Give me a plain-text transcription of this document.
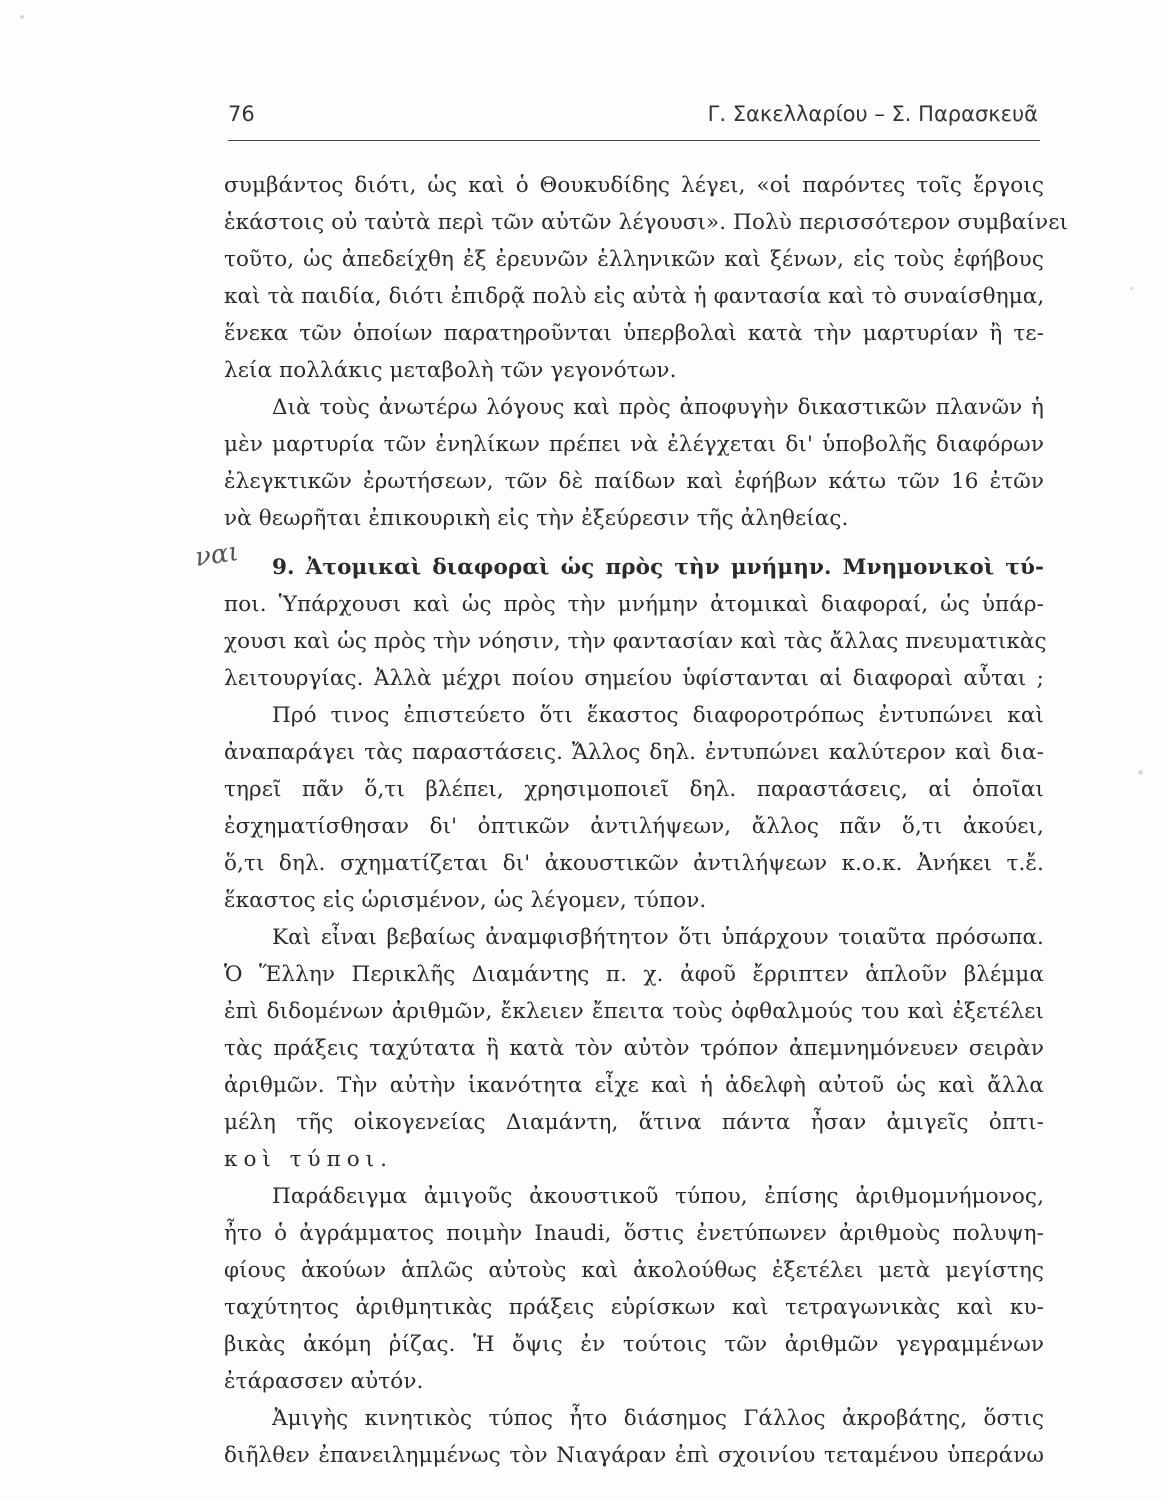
76	Γ. Σακελλαρίου – Σ. Παρασκευᾶ
ναι
συμβάντος διότι, ὡς καὶ ὁ Θουκυδίδης λέγει, «οἱ παρόντες τοῖς ἔργοις
ἑκάστοις οὐ ταὐτὰ περὶ τῶν αὐτῶν λέγουσι». Πολὺ περισσότερον συμβαίνει
τοῦτο, ὡς ἀπεδείχθη ἐξ ἐρευνῶν ἑλληνικῶν καὶ ξένων, εἰς τοὺς ἐφήβους
καὶ τὰ παιδία, διότι ἐπιδρᾷ πολὺ εἰς αὐτὰ ἡ φαντασία καὶ τὸ συναίσθημα,
ἕνεκα τῶν ὁποίων παρατηροῦνται ὑπερβολαὶ κατὰ τὴν μαρτυρίαν ἢ τε-
λεία πολλάκις μεταβολὴ τῶν γεγονότων.
Διὰ τοὺς ἀνωτέρω λόγους καὶ πρὸς ἀποφυγὴν δικαστικῶν πλανῶν ἡ
μὲν μαρτυρία τῶν ἐνηλίκων πρέπει νὰ ἐλέγχεται δι' ὑποβολῆς διαφόρων
ἐλεγκτικῶν ἐρωτήσεων, τῶν δὲ παίδων καὶ ἐφήβων κάτω τῶν 16 ἐτῶν
νὰ θεωρῆται ἐπικουρικὴ εἰς τὴν ἐξεύρεσιν τῆς ἀληθείας.
9. Ἀτομικαὶ διαφοραὶ ὡς πρὸς τὴν μνήμην. Μνημονικοὶ τύ-
ποι. Ὑπάρχουσι καὶ ὡς πρὸς τὴν μνήμην ἀτομικαὶ διαφοραί, ὡς ὑπάρ-
χουσι καὶ ὡς πρὸς τὴν νόησιν, τὴν φαντασίαν καὶ τὰς ἄλλας πνευματικὰς
λειτουργίας. Ἀλλὰ μέχρι ποίου σημείου ὑφίστανται αἱ διαφοραὶ αὗται ;
Πρό τινος ἐπιστεύετο ὅτι ἕκαστος διαφοροτρόπως ἐντυπώνει καὶ
ἀναπαράγει τὰς παραστάσεις. Ἄλλος δηλ. ἐντυπώνει καλύτερον καὶ δια-
τηρεῖ πᾶν ὅ,τι βλέπει, χρησιμοποιεῖ δηλ. παραστάσεις, αἱ ὁποῖαι
ἐσχηματίσθησαν δι' ὀπτικῶν ἀντιλήψεων, ἄλλος πᾶν ὅ,τι ἀκούει,
ὅ,τι δηλ. σχηματίζεται δι' ἀκουστικῶν ἀντιλήψεων κ.ο.κ. Ἀνήκει τ.ἔ.
ἕκαστος εἰς ὡρισμένον, ὡς λέγομεν, τύπον.
Καὶ εἶναι βεβαίως ἀναμφισβήτητον ὅτι ὑπάρχουν τοιαῦτα πρόσωπα.
Ὁ Ἕλλην Περικλῆς Διαμάντης π. χ. ἀφοῦ ἔρριπτεν ἁπλοῦν βλέμμα
ἐπὶ διδομένων ἀριθμῶν, ἔκλειεν ἔπειτα τοὺς ὀφθαλμούς του καὶ ἐξετέλει
τὰς πράξεις ταχύτατα ἢ κατὰ τὸν αὐτὸν τρόπον ἀπεμνημόνευεν σειρὰν
ἀριθμῶν. Τὴν αὐτὴν ἱκανότητα εἶχε καὶ ἡ ἀδελφὴ αὐτοῦ ὡς καὶ ἄλλα
μέλη τῆς οἰκογενείας Διαμάντη, ἅτινα πάντα ἦσαν ἀμιγεῖς ὀπτι-
κοὶ τύποι.
Παράδειγμα ἀμιγοῦς ἀκουστικοῦ τύπου, ἐπίσης ἀριθμομνήμονος,
ἦτο ὁ ἀγράμματος ποιμὴν Inaudi, ὅστις ἐνετύπωνεν ἀριθμοὺς πολυψη-
φίους ἀκούων ἁπλῶς αὐτοὺς καὶ ἀκολούθως ἐξετέλει μετὰ μεγίστης
ταχύτητος ἀριθμητικὰς πράξεις εὑρίσκων καὶ τετραγωνικὰς καὶ κυ-
βικὰς ἀκόμη ῥίζας. Ἡ ὄψις ἐν τούτοις τῶν ἀριθμῶν γεγραμμένων
ἐτάρασσεν αὐτόν.
Ἀμιγὴς κινητικὸς τύπος ἦτο διάσημος Γάλλος ἀκροβάτης, ὅστις
διῆλθεν ἐπανειλημμένως τὸν Νιαγάραν ἐπὶ σχοινίου τεταμένου ὑπεράνω
